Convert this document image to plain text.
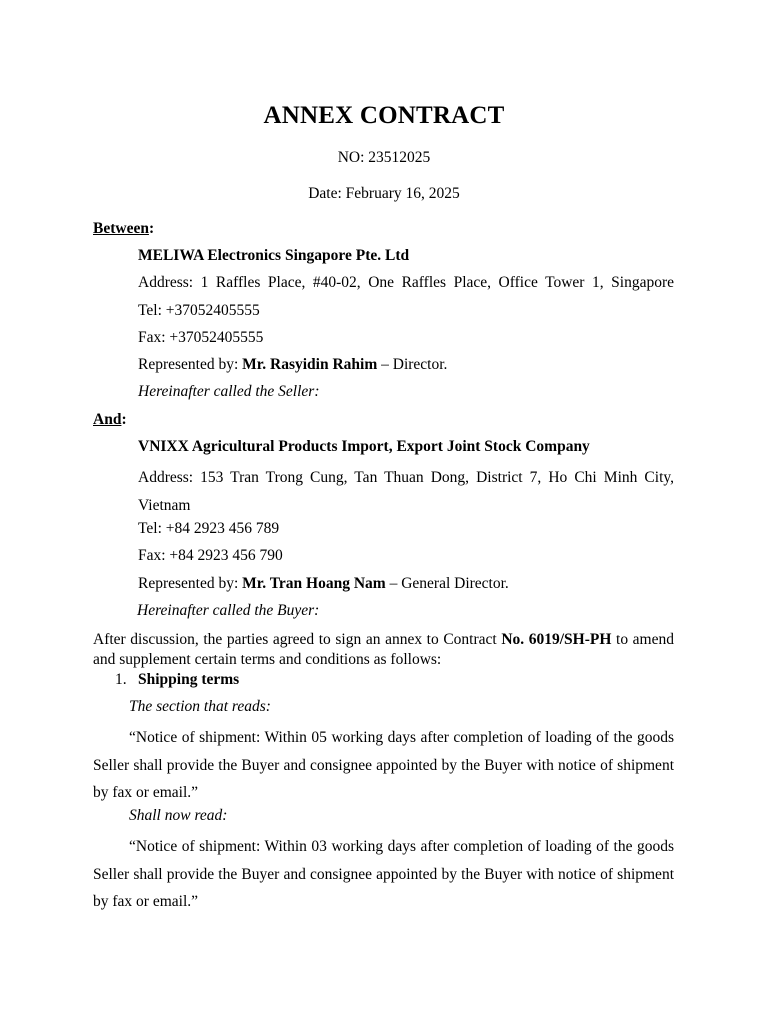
ANNEX CONTRACT
NO: 23512025
Date: February 16, 2025
Between:
MELIWA Electronics Singapore Pte. Ltd
Address: 1 Raffles Place, #40-02, One Raffles Place, Office Tower 1, Singapore
Tel: +37052405555
Fax: +37052405555
Represented by: Mr. Rasyidin Rahim – Director.
Hereinafter called the Seller:
And:
VNIXX Agricultural Products Import, Export Joint Stock Company
Address: 153 Tran Trong Cung, Tan Thuan Dong, District 7, Ho Chi Minh City, Vietnam
Tel: +84 2923 456 789
Fax: +84 2923 456 790
Represented by: Mr. Tran Hoang Nam – General Director.
Hereinafter called the Buyer:
After discussion, the parties agreed to sign an annex to Contract No. 6019/SH-PH to amend and supplement certain terms and conditions as follows:
1. Shipping terms
The section that reads:
“Notice of shipment: Within 05 working days after completion of loading of the goods Seller shall provide the Buyer and consignee appointed by the Buyer with notice of shipment by fax or email.”
Shall now read:
“Notice of shipment: Within 03 working days after completion of loading of the goods Seller shall provide the Buyer and consignee appointed by the Buyer with notice of shipment by fax or email.”
